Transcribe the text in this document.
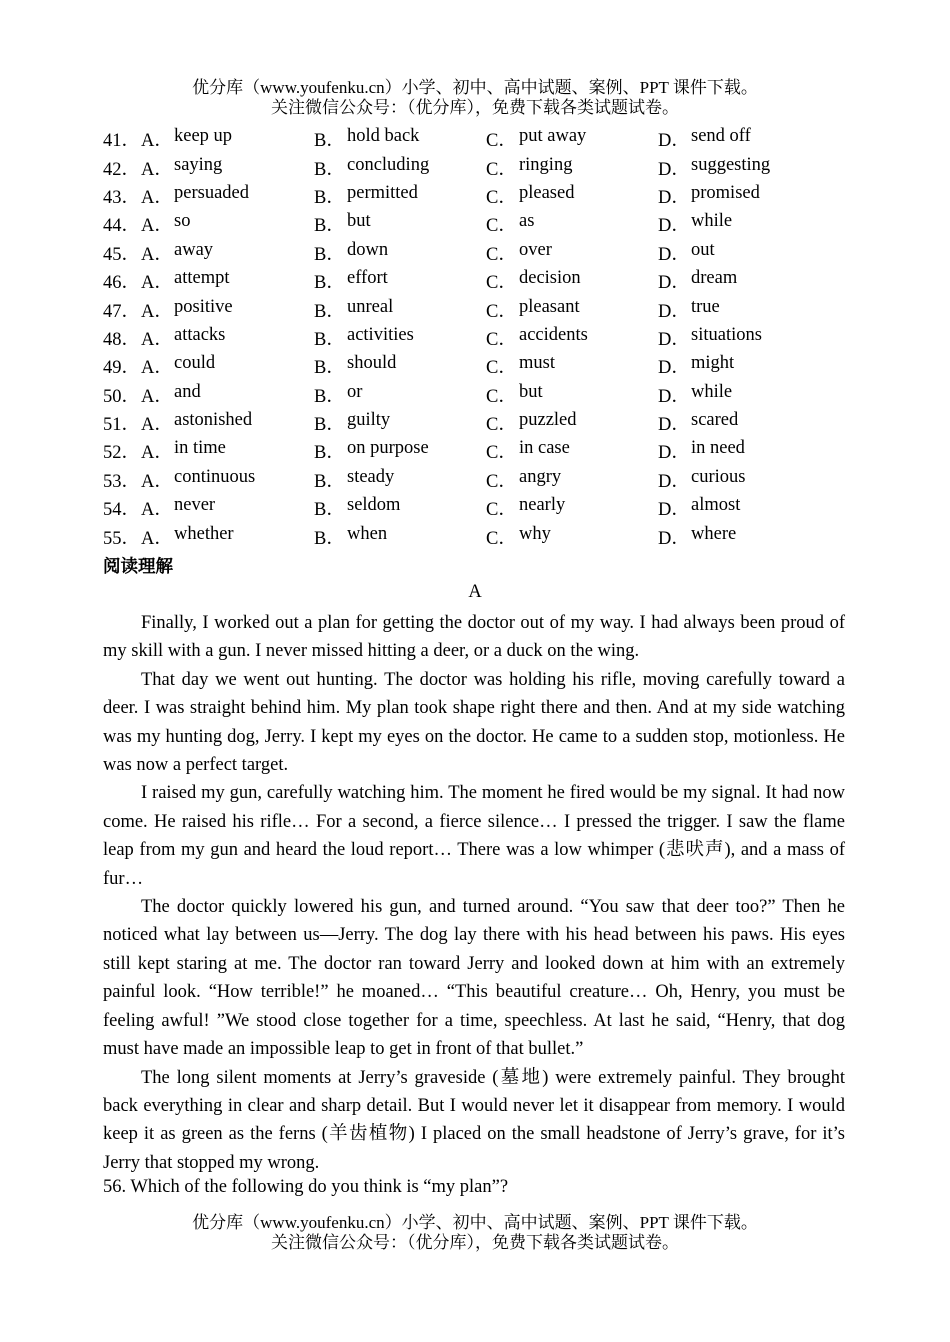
优分库（www.youfenku.cn）小学、初中、高中试题、案例、PPT 课件下载。
关注微信公众号：（优分库），免费下载各类试题试卷。
41． A． keep up	B． hold back	C． put away	D． send off
42． A． saying	B． concluding	C． ringing	D． suggesting
43． A． persuaded	B． permitted	C． pleased	D． promised
44． A． so	B． but	C． as	D． while
45． A． away	B． down	C． over	D． out
46． A． attempt	B． effort	C． decision	D． dream
47． A． positive	B． unreal	C． pleasant	D． true
48． A． attacks	B． activities	C． accidents	D． situations
49． A． could	B． should	C． must	D． might
50． A． and	B． or	C． but	D． while
51． A． astonished	B． guilty	C． puzzled	D． scared
52． A． in time	B． on purpose	C． in case	D． in need
53． A． continuous	B． steady	C． angry	D． curious
54． A． never	B． seldom	C． nearly	D． almost
55． A． whether	B． when	C． why	D． where
阅读理解
A

Finally, I worked out a plan for getting the doctor out of my way. I had always been proud of my skill with a gun. I never missed hitting a deer, or a duck on the wing.

That day we went out hunting. The doctor was holding his rifle, moving carefully toward a deer. I was straight behind him. My plan took shape right there and then. And at my side watching was my hunting dog, Jerry. I kept my eyes on the doctor. He came to a sudden stop, motionless. He was now a perfect target.

I raised my gun, carefully watching him. The moment he fired would be my signal. It had now come. He raised his rifle… For a second, a fierce silence… I pressed the trigger. I saw the flame leap from my gun and heard the loud report… There was a low whimper (悲吠声), and a mass of fur…

The doctor quickly lowered his gun, and turned around. “You saw that deer too?” Then he noticed what lay between us—Jerry. The dog lay there with his head between his paws. His eyes still kept staring at me. The doctor ran toward Jerry and looked down at him with an extremely painful look. “How terrible!” he moaned… “This beautiful creature… Oh, Henry, you must be feeling awful! ”We stood close together for a time, speechless. At last he said, “Henry, that dog must have made an impossible leap to get in front of that bullet.”

The long silent moments at Jerry’s graveside (墓地) were extremely painful. They brought back everything in clear and sharp detail. But I would never let it disappear from memory. I would keep it as green as the ferns (羊齿植物) I placed on the small headstone of Jerry’s grave, for it’s Jerry that stopped my wrong.

56. Which of the following do you think is “my plan”?
优分库（www.youfenku.cn）小学、初中、高中试题、案例、PPT 课件下载。
关注微信公众号：（优分库），免费下载各类试题试卷。
